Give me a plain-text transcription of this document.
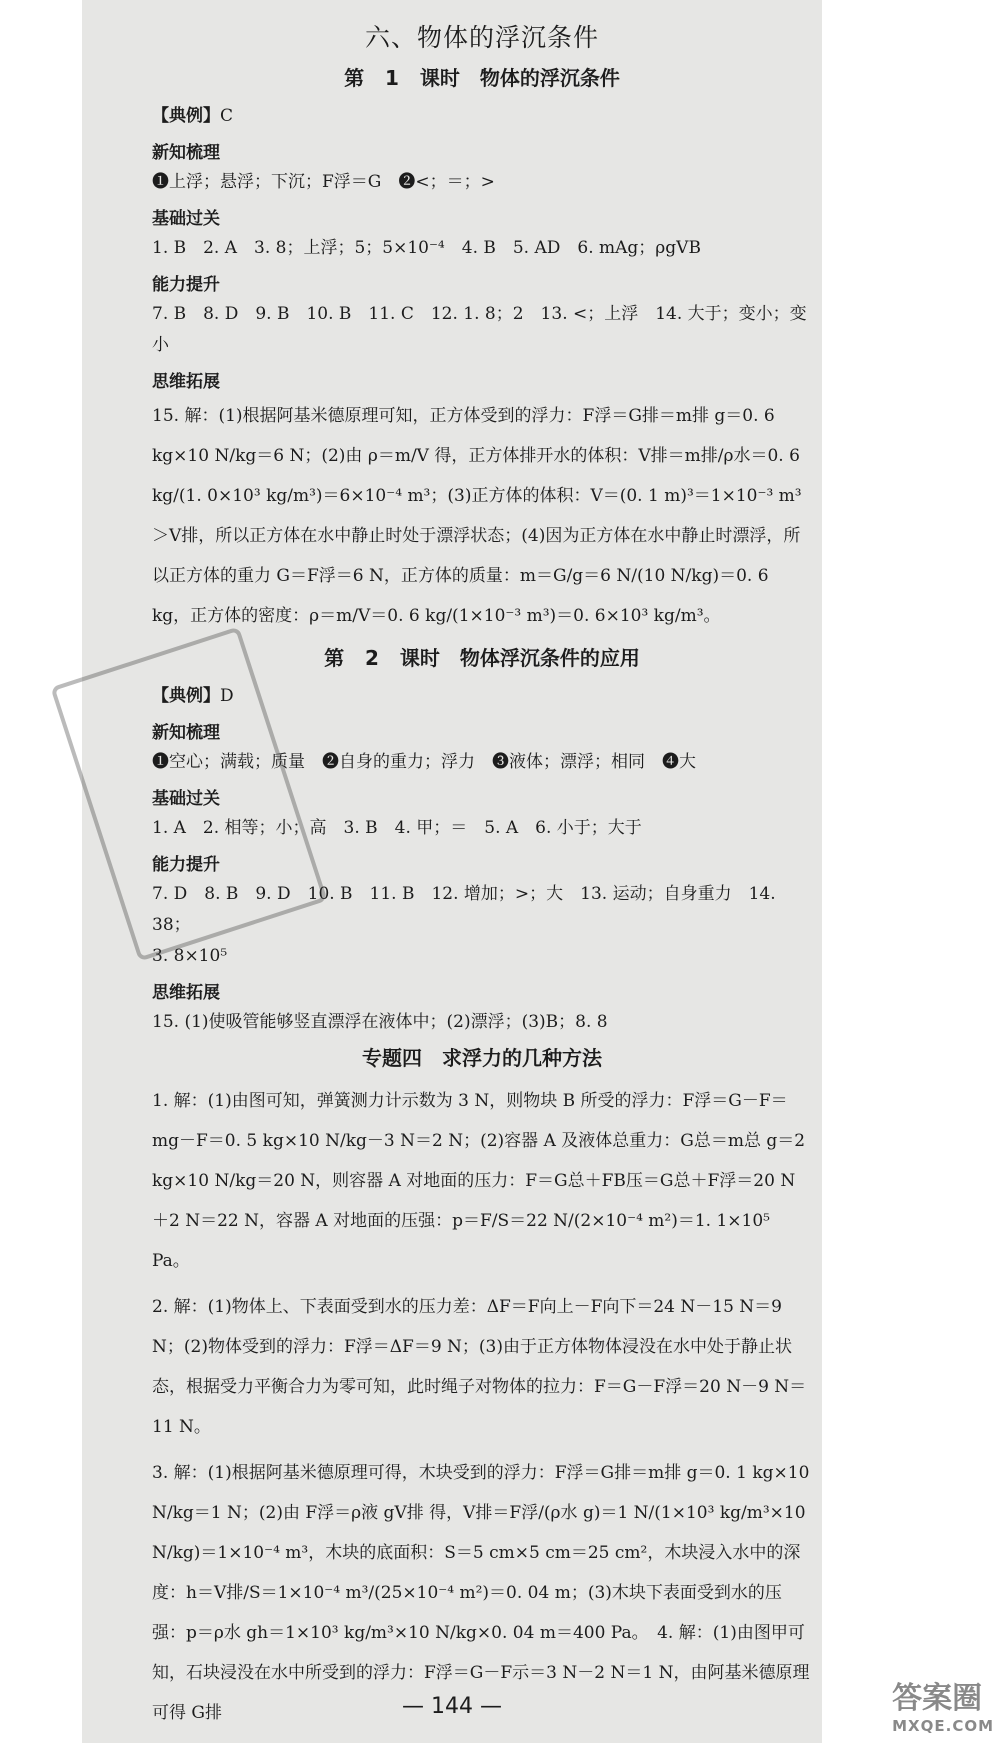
六、物体的浮沉条件
第 1 课时　物体的浮沉条件

【典例】C

新知梳理

❶上浮；悬浮；下沉；F浮＝G　❷<；＝；>

基础过关

1. B　2. A　3. 8；上浮；5；5×10⁻⁴　4. B　5. AD　6. mAg；ρgVB

能力提升

7. B　8. D　9. B　10. B　11. C　12. 1. 8；2　13. <；上浮　14. 大于；变小；变小

思维拓展

15. 解：(1)根据阿基米德原理可知，正方体受到的浮力：F浮＝G排＝m排 g＝0. 6 kg×10 N/kg＝6 N；(2)由 ρ＝m/V 得，正方体排开水的体积：V排＝m排/ρ水＝0. 6 kg/(1. 0×10³ kg/m³)＝6×10⁻⁴ m³；(3)正方体的体积：V＝(0. 1 m)³＝1×10⁻³ m³＞V排，所以正方体在水中静止时处于漂浮状态；(4)因为正方体在水中静止时漂浮，所以正方体的重力 G＝F浮＝6 N，正方体的质量：m＝G/g＝6 N/(10 N/kg)＝0. 6 kg，正方体的密度：ρ＝m/V＝0. 6 kg/(1×10⁻³ m³)＝0. 6×10³ kg/m³。

第 2 课时　物体浮沉条件的应用

【典例】D

新知梳理

❶空心；满载；质量　❷自身的重力；浮力　❸液体；漂浮；相同　❹大

基础过关

1. A　2. 相等；小；高　3. B　4. 甲；＝　5. A　6. 小于；大于

能力提升

7. D　8. B　9. D　10. B　11. B　12. 增加；>；大　13. 运动；自身重力　14. 38；

3. 8×10⁵

思维拓展

15. (1)使吸管能够竖直漂浮在液体中；(2)漂浮；(3)B；8. 8

专题四　求浮力的几种方法

1. 解：(1)由图可知，弹簧测力计示数为 3 N，则物块 B 所受的浮力：F浮＝G－F＝mg－F＝0. 5 kg×10 N/kg－3 N＝2 N；(2)容器 A 及液体总重力：G总＝m总 g＝2 kg×10 N/kg＝20 N，则容器 A 对地面的压力：F＝G总＋FB压＝G总＋F浮＝20 N＋2 N＝22 N，容器 A 对地面的压强：p＝F/S＝22 N/(2×10⁻⁴ m²)＝1. 1×10⁵ Pa。

2. 解：(1)物体上、下表面受到水的压力差：ΔF＝F向上－F向下＝24 N－15 N＝9 N；(2)物体受到的浮力：F浮＝ΔF＝9 N；(3)由于正方体物体浸没在水中处于静止状态，根据受力平衡合力为零可知，此时绳子对物体的拉力：F＝G－F浮＝20 N－9 N＝11 N。

3. 解：(1)根据阿基米德原理可得，木块受到的浮力：F浮＝G排＝m排 g＝0. 1 kg×10 N/kg＝1 N；(2)由 F浮＝ρ液 gV排 得，V排＝F浮/(ρ水 g)＝1 N/(1×10³ kg/m³×10 N/kg)＝1×10⁻⁴ m³，木块的底面积：S＝5 cm×5 cm＝25 cm²，木块浸入水中的深度：h＝V排/S＝1×10⁻⁴ m³/(25×10⁻⁴ m²)＝0. 04 m；(3)木块下表面受到水的压强：p＝ρ水 gh＝1×10³ kg/m³×10 N/kg×0. 04 m＝400 Pa。　4. 解：(1)由图甲可知，石块浸没在水中所受到的浮力：F浮＝G－F示＝3 N－2 N＝1 N，由阿基米德原理可得 G排	— 144 —	答案圈
MXQE.COM
